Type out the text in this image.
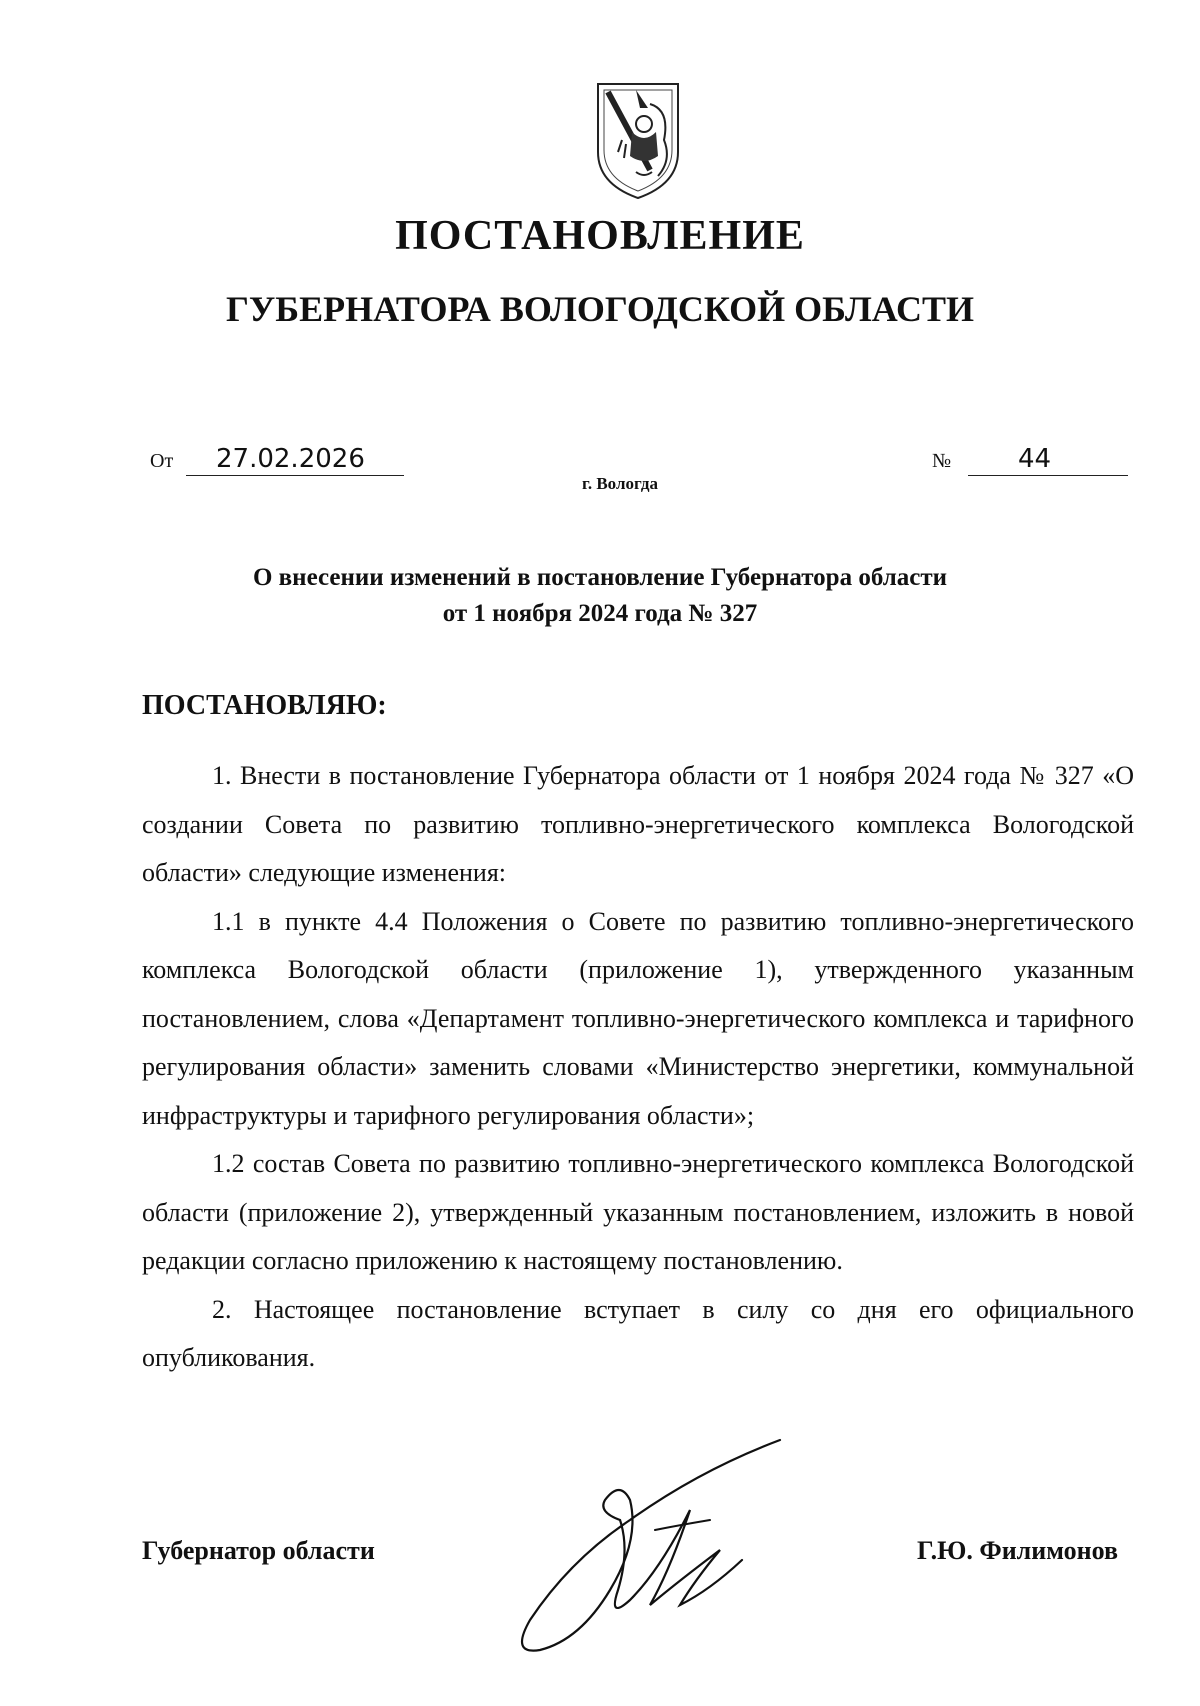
ПОСТАНОВЛЕНИЕ
ГУБЕРНАТОРА ВОЛОГОДСКОЙ ОБЛАСТИ
От	27.02.2026	№	44
г. Вологда
О внесении изменений в постановление Губернатора области
от 1 ноября 2024 года № 327
ПОСТАНОВЛЯЮ:

1. Внести в постановление Губернатора области от 1 ноября 2024 года № 327 «О создании Совета по развитию топливно-энергетического комплекса Вологодской области» следующие изменения:

1.1 в пункте 4.4 Положения о Совете по развитию топливно-энергетического комплекса Вологодской области (приложение 1), утвержденного указанным постановлением, слова «Департамент топливно-энергетического комплекса и тарифного регулирования области» заменить словами «Министерство энергетики, коммунальной инфраструктуры и тарифного регулирования области»;

1.2 состав Совета по развитию топливно-энергетического комплекса Вологодской области (приложение 2), утвержденный указанным постановлением, изложить в новой редакции согласно приложению к настоящему постановлению.

2. Настоящее постановление вступает в силу со дня его официального опубликования.

Губернатор области	Г.Ю. Филимонов
